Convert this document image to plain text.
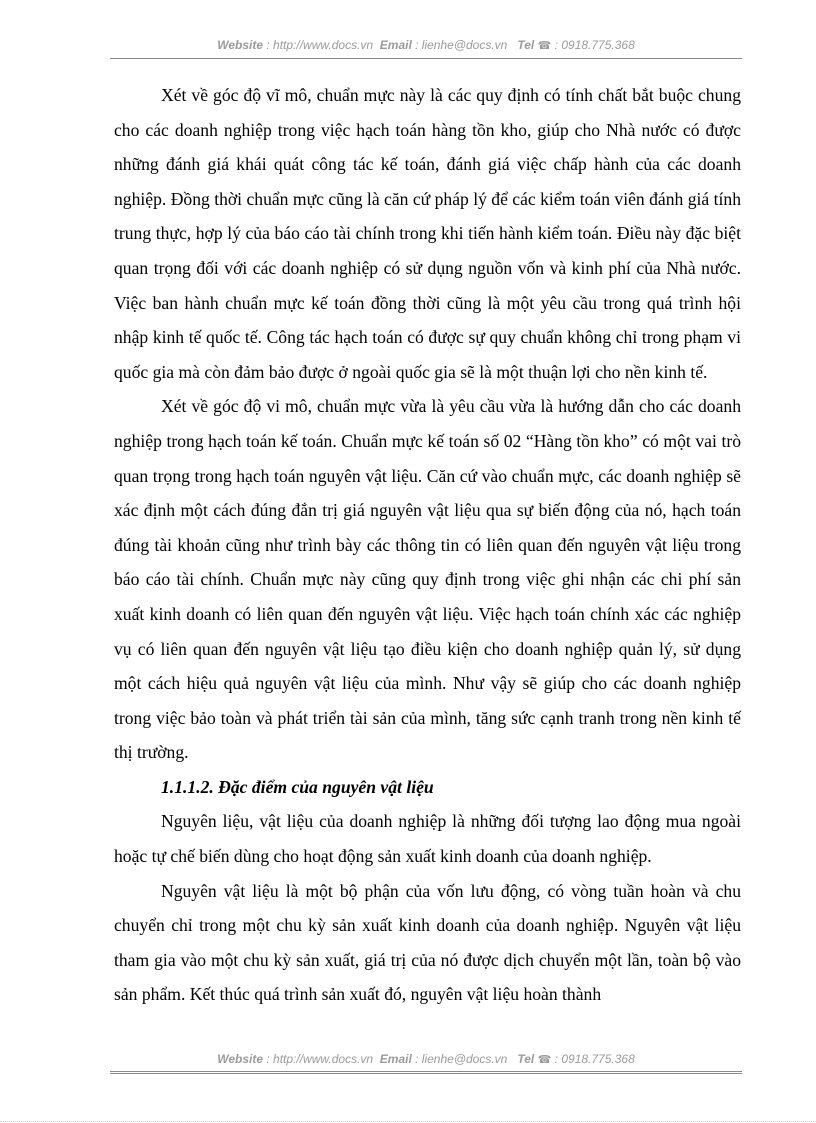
Website : http://www.docs.vn Email : lienhe@docs.vn Tel ☎ : 0918.775.368

Xét về góc độ vĩ mô, chuẩn mực này là các quy định có tính chất bắt buộc chung cho các doanh nghiệp trong việc hạch toán hàng tồn kho, giúp cho Nhà nước có được những đánh giá khái quát công tác kế toán, đánh giá việc chấp hành của các doanh nghiệp. Đồng thời chuẩn mực cũng là căn cứ pháp lý để các kiểm toán viên đánh giá tính trung thực, hợp lý của báo cáo tài chính trong khi tiến hành kiểm toán. Điều này đặc biệt quan trọng đối với các doanh nghiệp có sử dụng nguồn vốn và kinh phí của Nhà nước. Việc ban hành chuẩn mực kế toán đồng thời cũng là một yêu cầu trong quá trình hội nhập kinh tế quốc tế. Công tác hạch toán có được sự quy chuẩn không chỉ trong phạm vi quốc gia mà còn đảm bảo được ở ngoài quốc gia sẽ là một thuận lợi cho nền kinh tế.

Xét về góc độ vi mô, chuẩn mực vừa là yêu cầu vừa là hướng dẫn cho các doanh nghiệp trong hạch toán kế toán. Chuẩn mực kế toán số 02 “Hàng tồn kho” có một vai trò quan trọng trong hạch toán nguyên vật liệu. Căn cứ vào chuẩn mực, các doanh nghiệp sẽ xác định một cách đúng đắn trị giá nguyên vật liệu qua sự biến động của nó, hạch toán đúng tài khoản cũng như trình bày các thông tin có liên quan đến nguyên vật liệu trong báo cáo tài chính. Chuẩn mực này cũng quy định trong việc ghi nhận các chi phí sản xuất kinh doanh có liên quan đến nguyên vật liệu. Việc hạch toán chính xác các nghiệp vụ có liên quan đến nguyên vật liệu tạo điều kiện cho doanh nghiệp quản lý, sử dụng một cách hiệu quả nguyên vật liệu của mình. Như vậy sẽ giúp cho các doanh nghiệp trong việc bảo toàn và phát triển tài sản của mình, tăng sức cạnh tranh trong nền kinh tế thị trường.

1.1.1.2. Đặc điểm của nguyên vật liệu

Nguyên liệu, vật liệu của doanh nghiệp là những đối tượng lao động mua ngoài hoặc tự chế biến dùng cho hoạt động sản xuất kinh doanh của doanh nghiệp.

Nguyên vật liệu là một bộ phận của vốn lưu động, có vòng tuần hoàn và chu chuyển chỉ trong một chu kỳ sản xuất kinh doanh của doanh nghiệp. Nguyên vật liệu tham gia vào một chu kỳ sản xuất, giá trị của nó được dịch chuyển một lần, toàn bộ vào sản phẩm. Kết thúc quá trình sản xuất đó, nguyên vật liệu hoàn thành

Website : http://www.docs.vn Email : lienhe@docs.vn Tel ☎ : 0918.775.368
